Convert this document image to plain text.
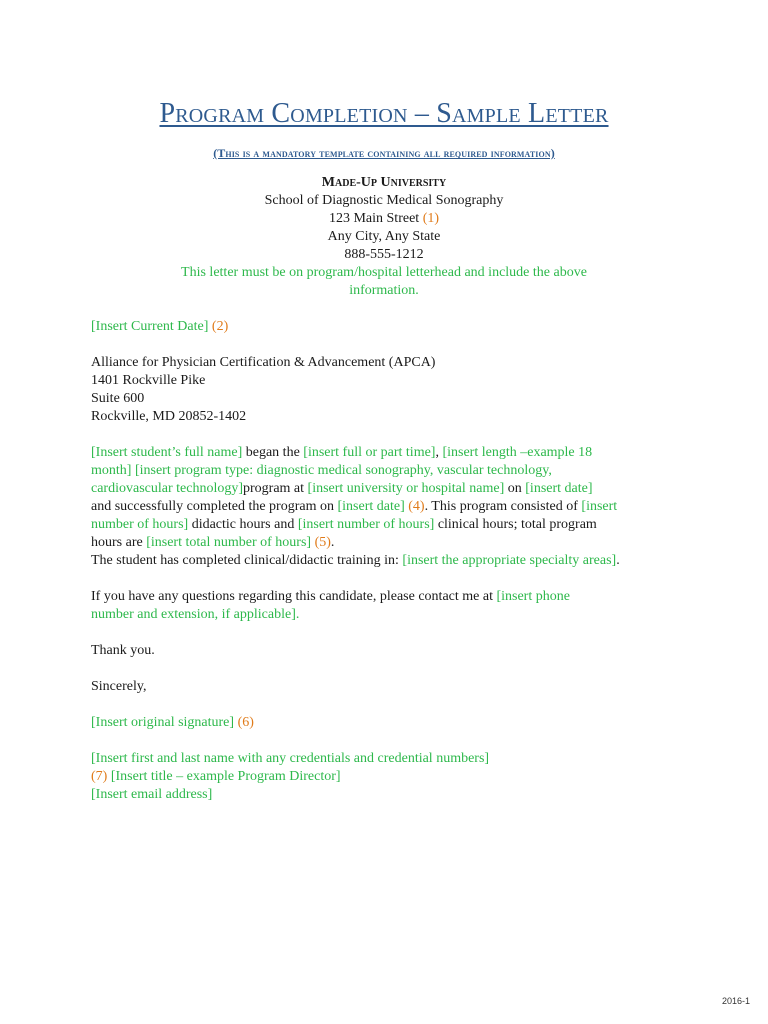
Program Completion – Sample Letter
(This is a mandatory template containing all required information)
Made-Up University
School of Diagnostic Medical Sonography
123 Main Street (1)
Any City, Any State
888-555-1212
This letter must be on program/hospital letterhead and include the above
information.

[Insert Current Date] (2)

Alliance for Physician Certification & Advancement (APCA)
1401 Rockville Pike
Suite 600
Rockville, MD 20852-1402

[Insert student’s full name] began the [insert full or part time], [insert length –example 18
month] [insert program type: diagnostic medical sonography, vascular technology,
cardiovascular technology]program at [insert university or hospital name] on [insert date]
and successfully completed the program on [insert date] (4). This program consisted of [insert
number of hours] didactic hours and [insert number of hours] clinical hours; total program
hours are [insert total number of hours] (5).
The student has completed clinical/didactic training in: [insert the appropriate specialty areas].

If you have any questions regarding this candidate, please contact me at [insert phone
number and extension, if applicable].

Thank you.

Sincerely,

[Insert original signature] (6)

[Insert first and last name with any credentials and credential numbers]
(7) [Insert title – example Program Director]
[Insert email address]

2016-1
